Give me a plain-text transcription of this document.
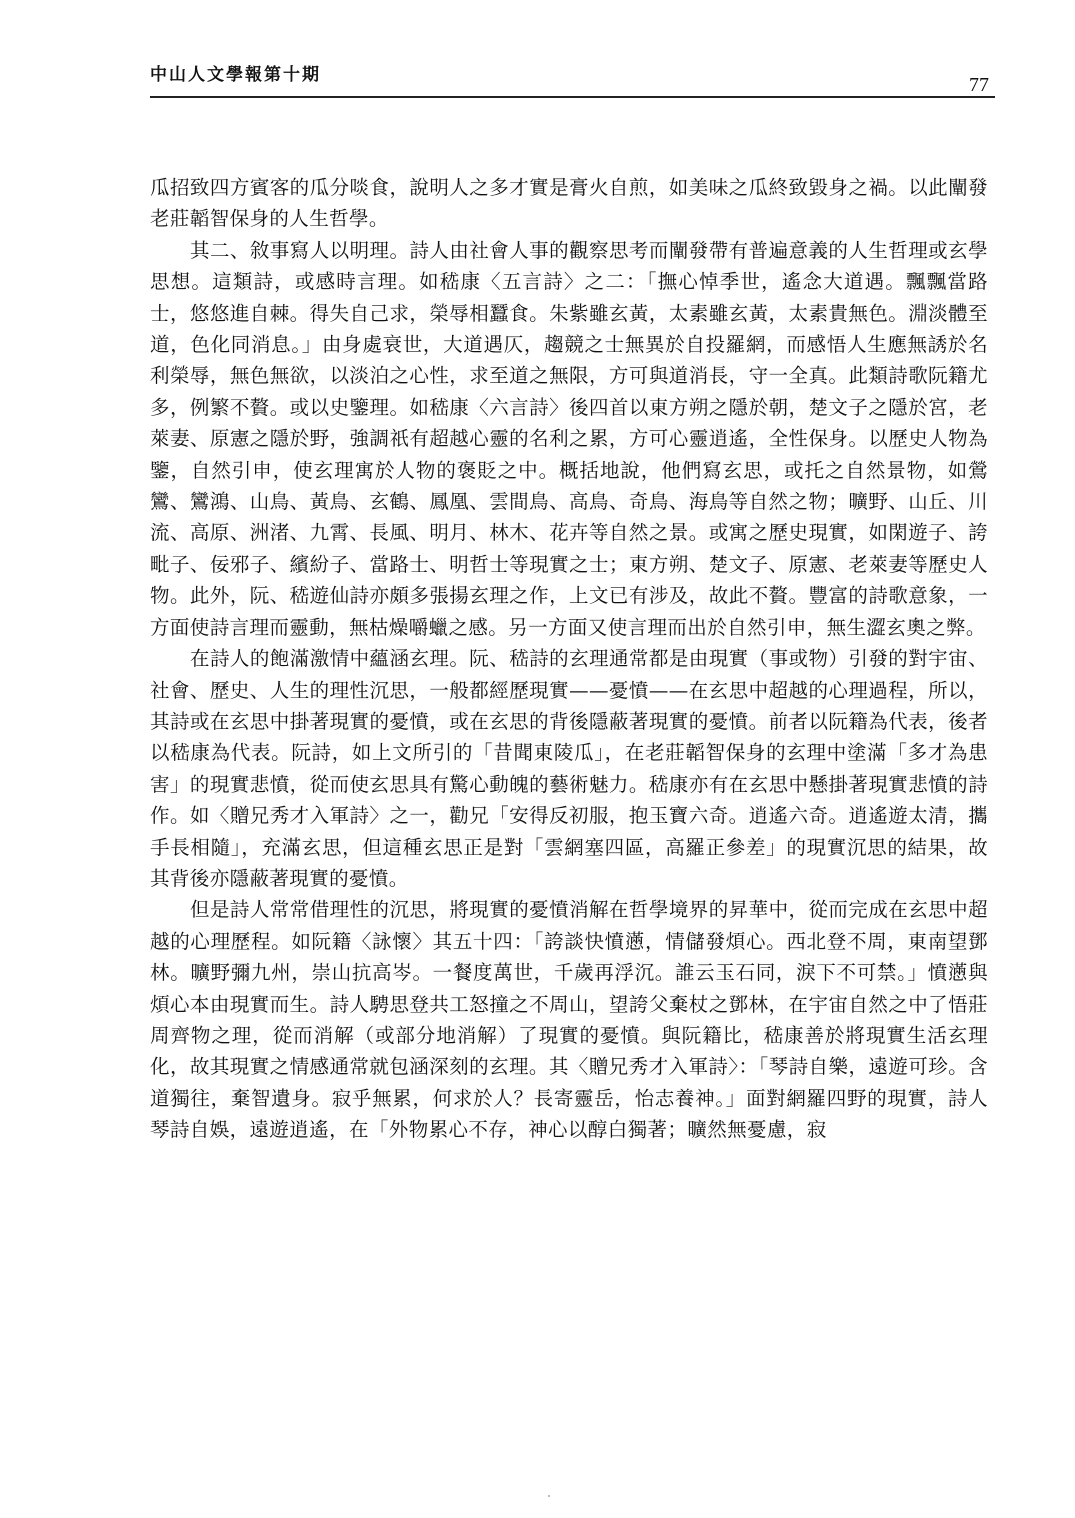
中山人文學報第十期	77

瓜招致四方賓客的瓜分啖食，說明人之多才實是膏火自煎，如美味之瓜終致毀身之禍。以此闡發老莊韜智保身的人生哲學。

其二、敘事寫人以明理。詩人由社會人事的觀察思考而闡發帶有普遍意義的人生哲理或玄學思想。這類詩，或感時言理。如嵇康〈五言詩〉之二：「撫心悼季世，遙念大道遇。飄飄當路士，悠悠進自棘。得失自己求，榮辱相蠶食。朱紫雖玄黃，太素雖玄黃，太素貴無色。淵淡體至道，色化同消息。」由身處衰世，大道遇仄，趨競之士無異於自投羅網，而感悟人生應無誘於名利榮辱，無色無欲，以淡泊之心性，求至道之無限，方可與道消長，守一全真。此類詩歌阮籍尤多，例繁不贅。或以史鑒理。如嵇康〈六言詩〉後四首以東方朔之隱於朝，楚文子之隱於宮，老萊妻、原憲之隱於野，強調祇有超越心靈的名利之累，方可心靈逍遙，全性保身。以歷史人物為鑒，自然引申，使玄理寓於人物的褒貶之中。概括地說，他們寫玄思，或托之自然景物，如鶯鸞、鸞鴻、山鳥、黃鳥、玄鶴、鳳凰、雲間鳥、高鳥、奇鳥、海鳥等自然之物；曠野、山丘、川流、高原、洲渚、九霄、長風、明月、林木、花卉等自然之景。或寓之歷史現實，如閑遊子、誇毗子、佞邪子、繽紛子、當路士、明哲士等現實之士；東方朔、楚文子、原憲、老萊妻等歷史人物。此外，阮、嵇遊仙詩亦頗多張揚玄理之作，上文已有涉及，故此不贅。豐富的詩歌意象，一方面使詩言理而靈動，無枯燥嚼蠟之感。另一方面又使言理而出於自然引申，無生澀玄奧之弊。

在詩人的飽滿激情中蘊涵玄理。阮、嵇詩的玄理通常都是由現實（事或物）引發的對宇宙、社會、歷史、人生的理性沉思，一般都經歷現實——憂憤——在玄思中超越的心理過程，所以，其詩或在玄思中掛著現實的憂憤，或在玄思的背後隱蔽著現實的憂憤。前者以阮籍為代表，後者以嵇康為代表。阮詩，如上文所引的「昔聞東陵瓜」，在老莊韜智保身的玄理中塗滿「多才為患害」的現實悲憤，從而使玄思具有驚心動魄的藝術魅力。嵇康亦有在玄思中懸掛著現實悲憤的詩作。如〈贈兄秀才入軍詩〉之一，勸兄「安得反初服，抱玉寶六奇。逍遙六奇。逍遙遊太清，攜手長相隨」，充滿玄思，但這種玄思正是對「雲網塞四區，高羅正參差」的現實沉思的結果，故其背後亦隱蔽著現實的憂憤。

但是詩人常常借理性的沉思，將現實的憂憤消解在哲學境界的昇華中，從而完成在玄思中超越的心理歷程。如阮籍〈詠懷〉其五十四：「誇談快憤懣，情儲發煩心。西北登不周，東南望鄧林。曠野彌九州，崇山抗高岑。一餐度萬世，千歲再浮沉。誰云玉石同，淚下不可禁。」憤懣與煩心本由現實而生。詩人騁思登共工怒撞之不周山，望誇父棄杖之鄧林，在宇宙自然之中了悟莊周齊物之理，從而消解（或部分地消解）了現實的憂憤。與阮籍比，嵇康善於將現實生活玄理化，故其現實之情感通常就包涵深刻的玄理。其〈贈兄秀才入軍詩〉：「琴詩自樂，遠遊可珍。含道獨往，棄智遺身。寂乎無累，何求於人？長寄靈岳，怡志養神。」面對網羅四野的現實，詩人琴詩自娛，遠遊逍遙，在「外物累心不存，神心以醇白獨著；曠然無憂慮，寂
